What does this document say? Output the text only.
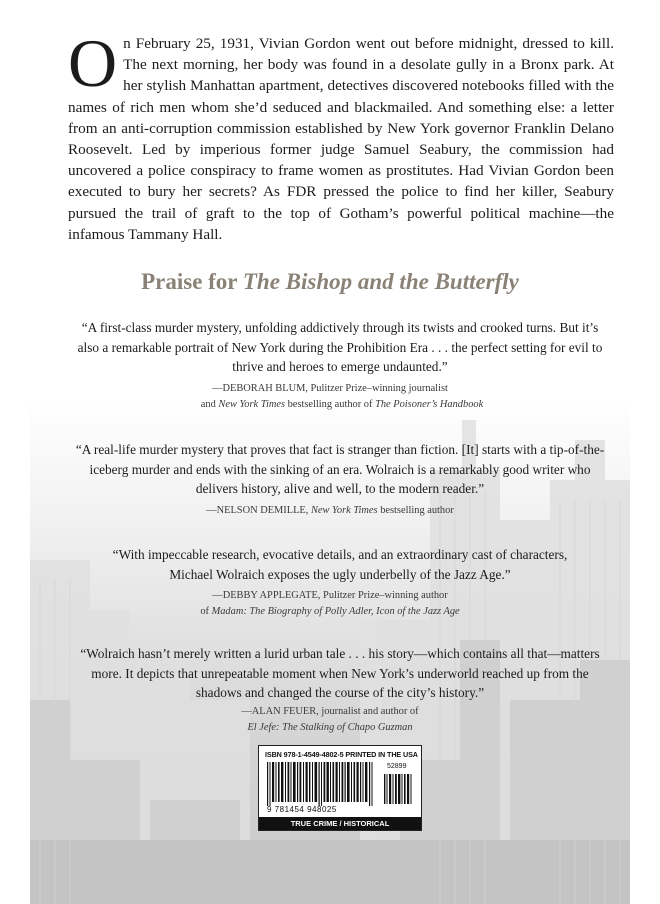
On February 25, 1931, Vivian Gordon went out before midnight, dressed to kill. The next morning, her body was found in a desolate gully in a Bronx park. At her stylish Manhattan apartment, detectives discovered notebooks filled with the names of rich men whom she’d seduced and blackmailed. And something else: a letter from an anti-corruption commission established by New York governor Franklin Delano Roosevelt. Led by imperious former judge Samuel Seabury, the commission had uncovered a police conspiracy to frame women as prostitutes. Had Vivian Gordon been executed to bury her secrets? As FDR pressed the police to find her killer, Seabury pursued the trail of graft to the top of Gotham’s powerful political machine—the infamous Tammany Hall.

Praise for The Bishop and the Butterfly

“A first-class murder mystery, unfolding addictively through its twists and crooked turns. But it’s also a remarkable portrait of New York during the Prohibition Era . . . the perfect setting for evil to thrive and heroes to emerge undaunted.”

—DEBORAH BLUM, Pulitzer Prize–winning journalist
and New York Times bestselling author of The Poisoner’s Handbook

“A real-life murder mystery that proves that fact is stranger than fiction. [It] starts with a tip-of-the-iceberg murder and ends with the sinking of an era. Wolraich is a remarkably good writer who delivers history, alive and well, to the modern reader.”

—NELSON DEMILLE, New York Times bestselling author

“With impeccable research, evocative details, and an extraordinary cast of characters, Michael Wolraich exposes the ugly underbelly of the Jazz Age.”

—DEBBY APPLEGATE, Pulitzer Prize–winning author
of Madam: The Biography of Polly Adler, Icon of the Jazz Age

“Wolraich hasn’t merely written a lurid urban tale . . . his story—which contains all that—matters more. It depicts that unrepeatable moment when New York’s underworld reached up from the shadows and changed the course of the city’s history.”

—ALAN FEUER, journalist and author of
El Jefe: The Stalking of Chapo Guzman

ISBN 978-1-4549-4802-5 PRINTED IN THE USA
52899
9 781454 948025
TRUE CRIME / HISTORICAL
